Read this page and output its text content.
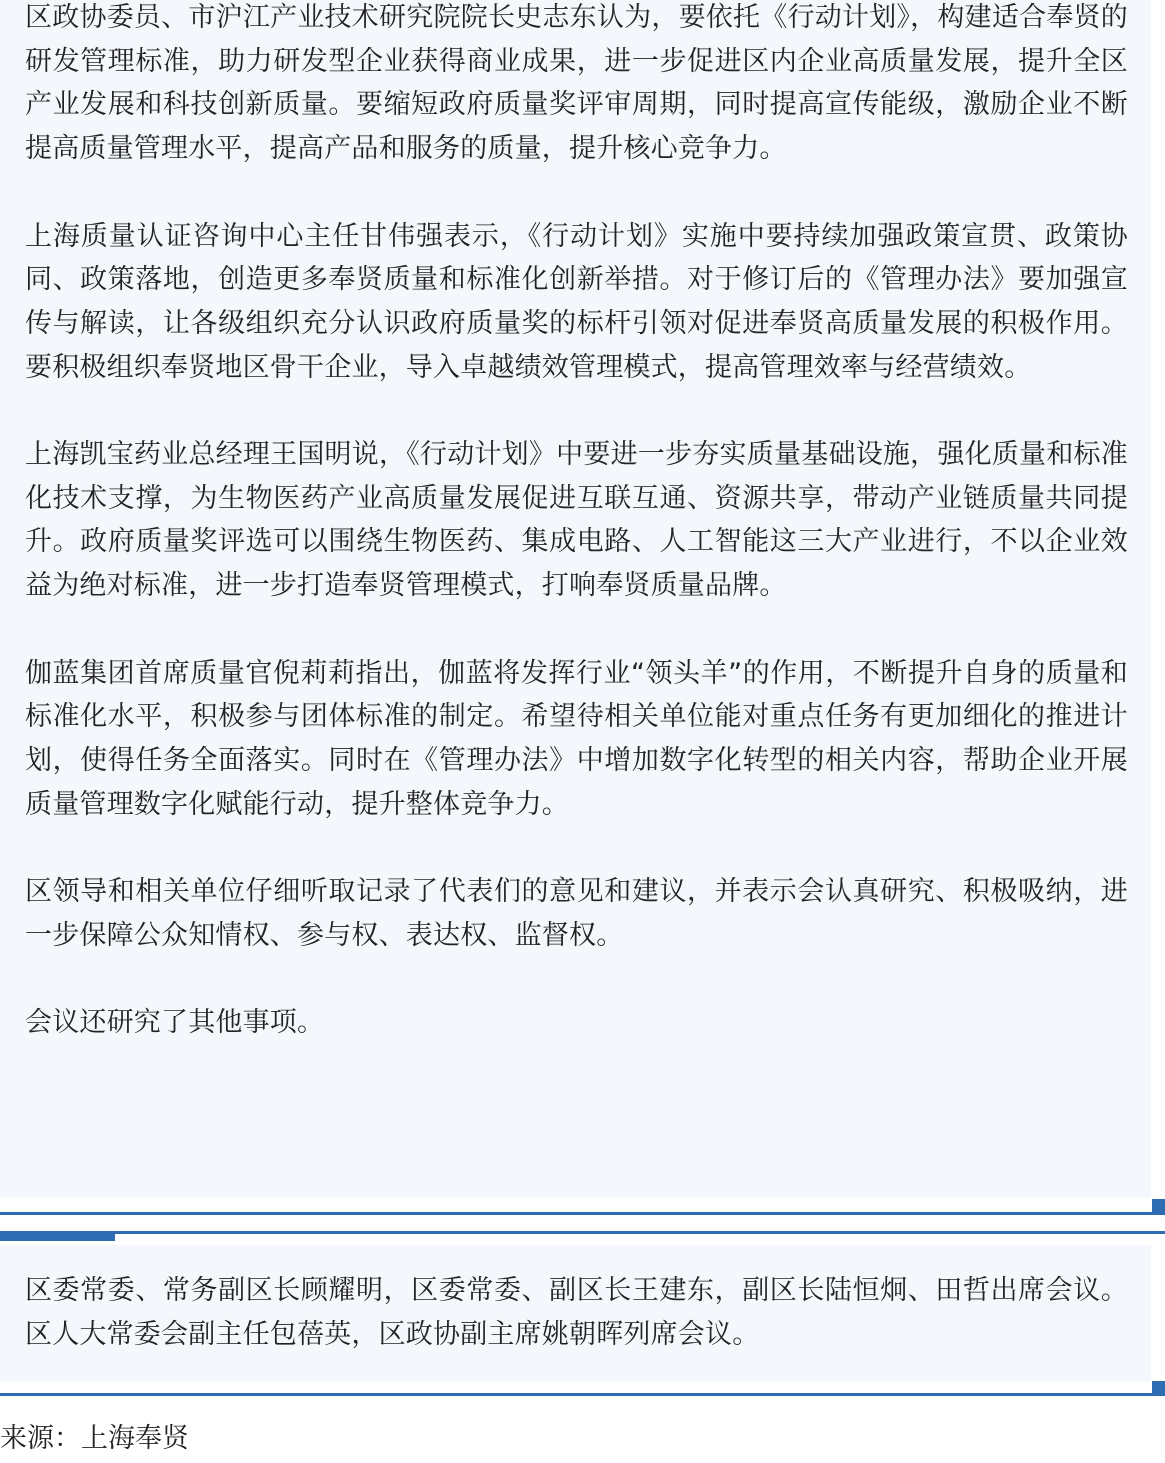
区政协委员、市沪江产业技术研究院院长史志东认为，要依托《行动计划》，构建适合奉贤的研发管理标准，助力研发型企业获得商业成果，进一步促进区内企业高质量发展，提升全区产业发展和科技创新质量。要缩短政府质量奖评审周期，同时提高宣传能级，激励企业不断提高质量管理水平，提高产品和服务的质量，提升核心竞争力。

上海质量认证咨询中心主任甘伟强表示，《行动计划》实施中要持续加强政策宣贯、政策协同、政策落地，创造更多奉贤质量和标准化创新举措。对于修订后的《管理办法》要加强宣传与解读，让各级组织充分认识政府质量奖的标杆引领对促进奉贤高质量发展的积极作用。要积极组织奉贤地区骨干企业，导入卓越绩效管理模式，提高管理效率与经营绩效。

上海凯宝药业总经理王国明说，《行动计划》中要进一步夯实质量基础设施，强化质量和标准化技术支撑，为生物医药产业高质量发展促进互联互通、资源共享，带动产业链质量共同提升。政府质量奖评选可以围绕生物医药、集成电路、人工智能这三大产业进行，不以企业效益为绝对标准，进一步打造奉贤管理模式，打响奉贤质量品牌。

伽蓝集团首席质量官倪莉莉指出，伽蓝将发挥行业“领头羊”的作用，不断提升自身的质量和标准化水平，积极参与团体标准的制定。希望待相关单位能对重点任务有更加细化的推进计划，使得任务全面落实。同时在《管理办法》中增加数字化转型的相关内容，帮助企业开展质量管理数字化赋能行动，提升整体竞争力。

区领导和相关单位仔细听取记录了代表们的意见和建议，并表示会认真研究、积极吸纳，进一步保障公众知情权、参与权、表达权、监督权。

会议还研究了其他事项。

区委常委、常务副区长顾耀明，区委常委、副区长王建东，副区长陆恒炯、田哲出席会议。区人大常委会副主任包蓓英，区政协副主席姚朝晖列席会议。

来源：上海奉贤
